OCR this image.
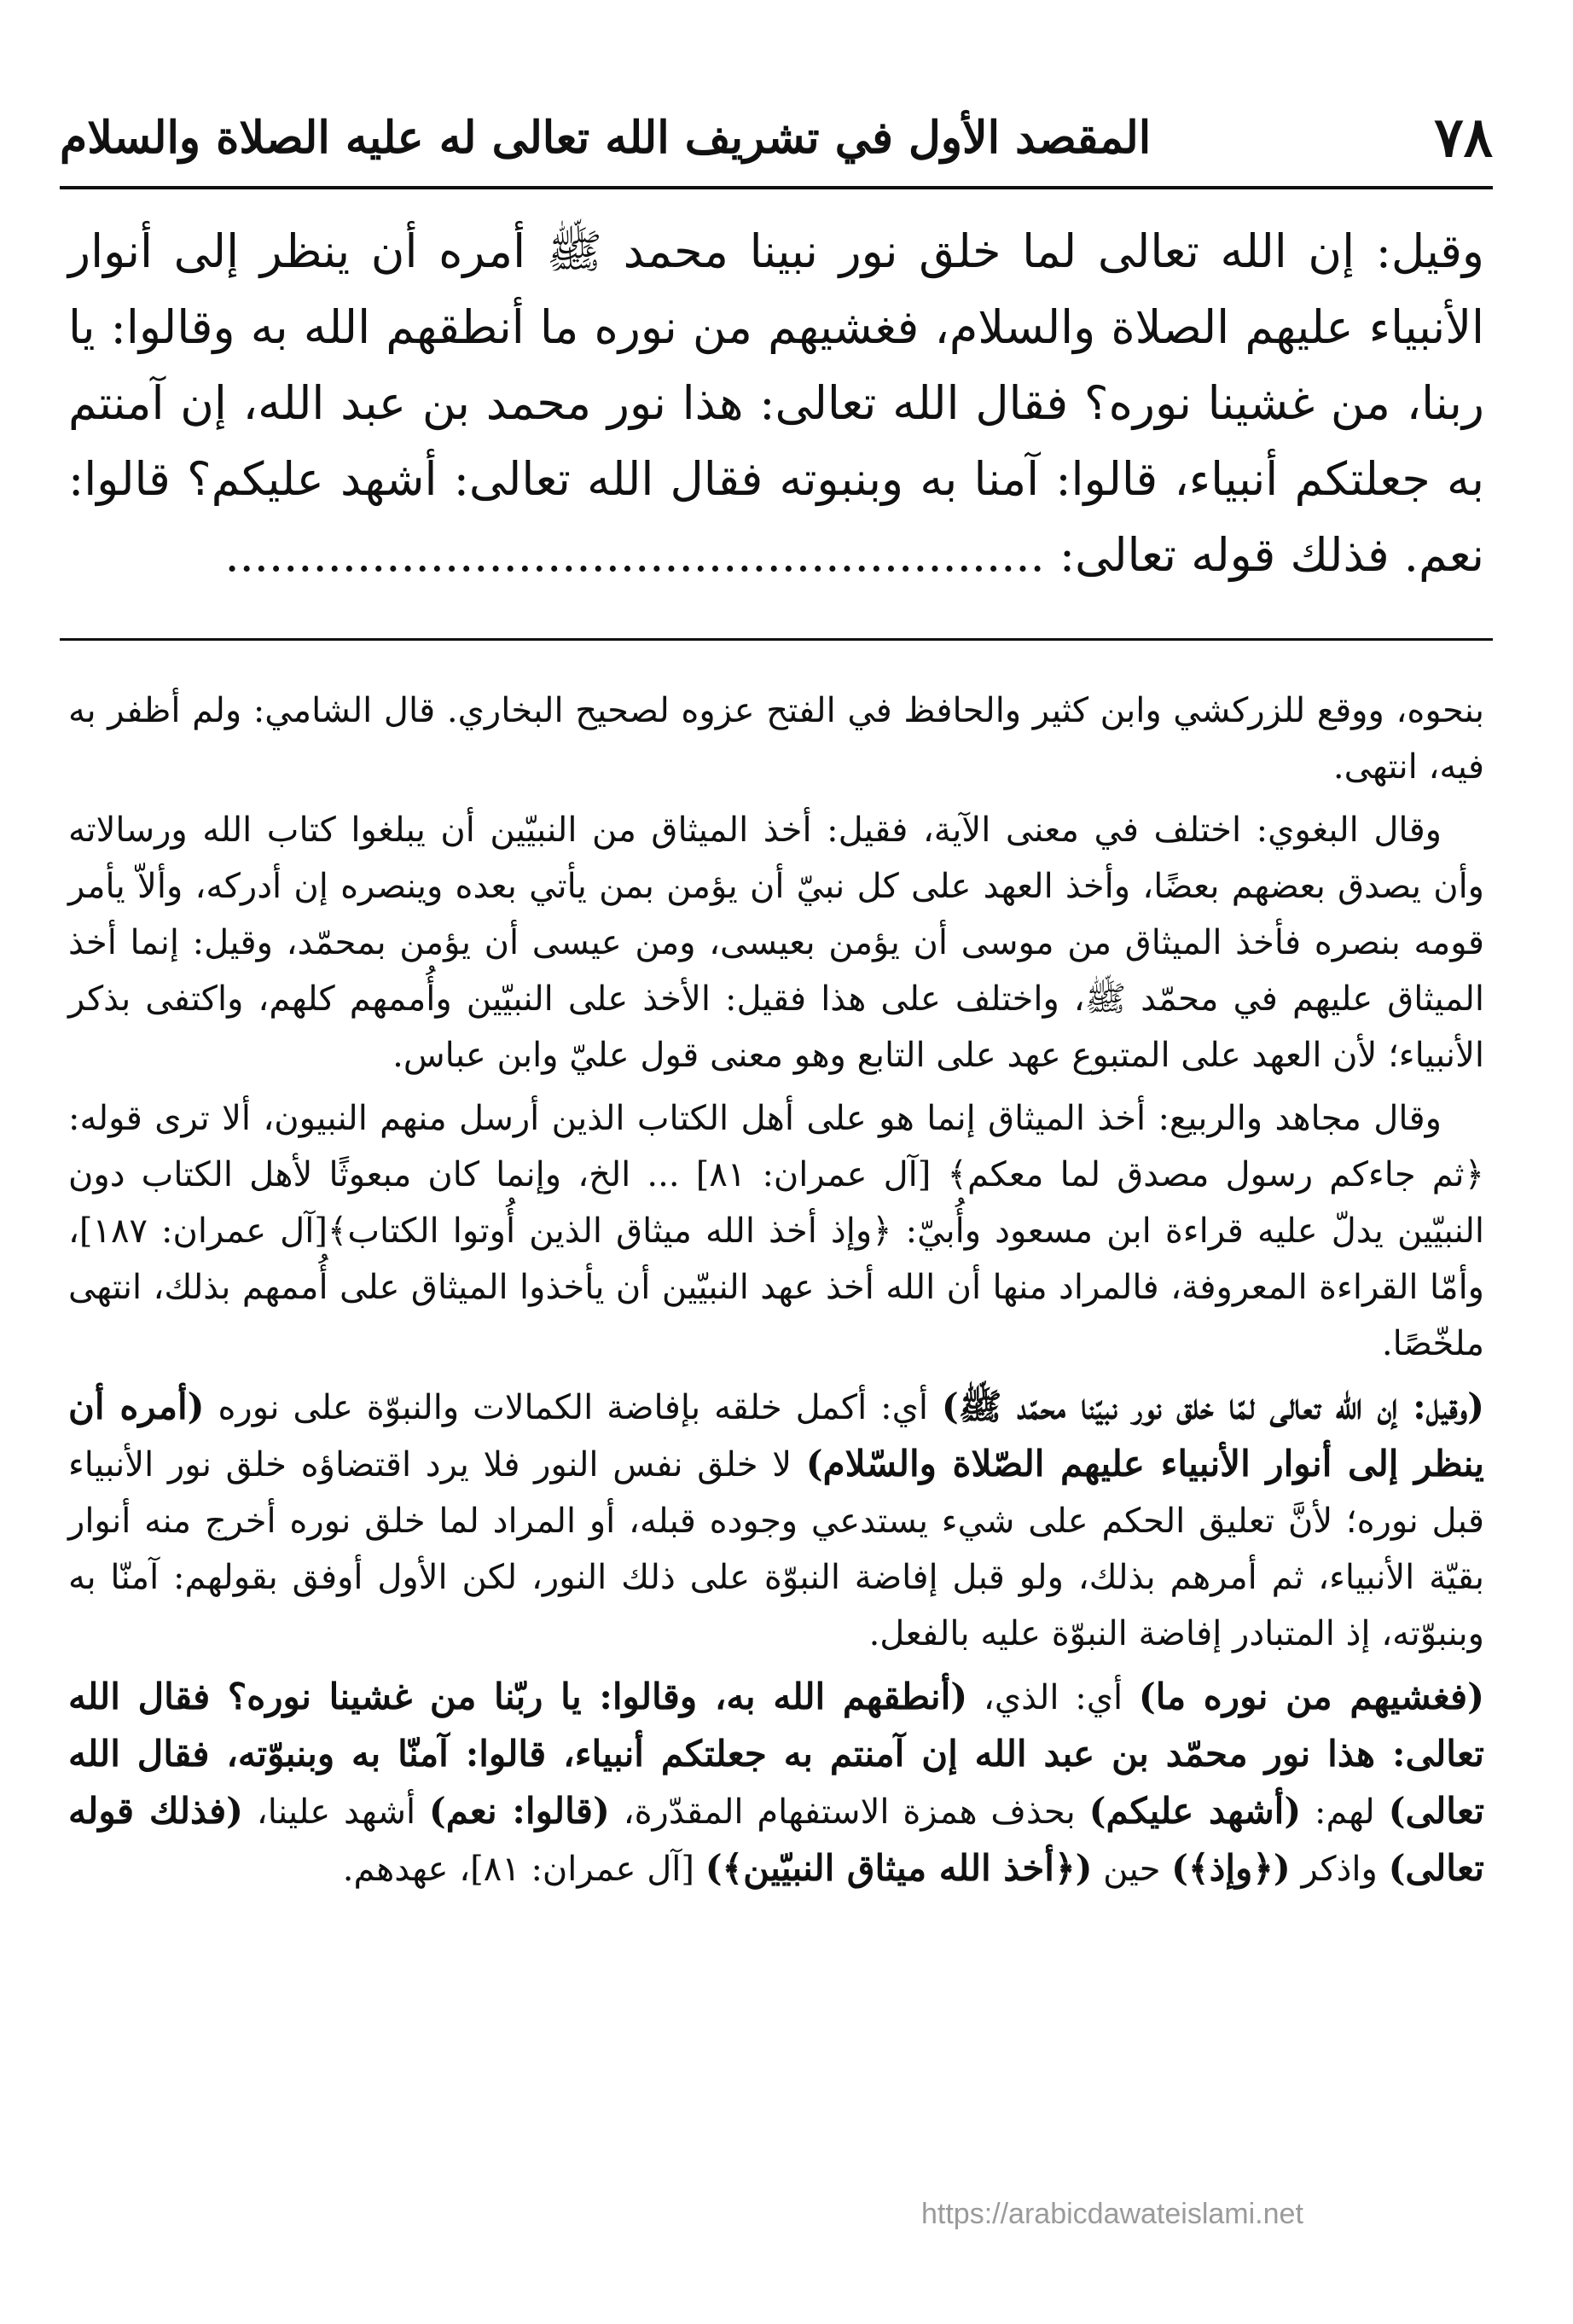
٧٨
المقصد الأول في تشريف الله تعالى له عليه الصلاة والسلام

وقيل: إن الله تعالى لما خلق نور نبينا محمد ﷺ أمره أن ينظر إلى أنوار الأنبياء عليهم الصلاة والسلام، فغشيهم من نوره ما أنطقهم الله به وقالوا: يا ربنا، من غشينا نوره؟ فقال الله تعالى: هذا نور محمد بن عبد الله، إن آمنتم به جعلتكم أنبياء، قالوا: آمنا به وبنبوته فقال الله تعالى: أشهد عليكم؟ قالوا: نعم. فذلك قوله تعالى: ........................................................

بنحوه، ووقع للزركشي وابن كثير والحافظ في الفتح عزوه لصحيح البخاري. قال الشامي: ولم أظفر به فيه، انتهى.

وقال البغوي: اختلف في معنى الآية، فقيل: أخذ الميثاق من النبيّين أن يبلغوا كتاب الله ورسالاته وأن يصدق بعضهم بعضًا، وأخذ العهد على كل نبيّ أن يؤمن بمن يأتي بعده وينصره إن أدركه، وألاّ يأمر قومه بنصره فأخذ الميثاق من موسى أن يؤمن بعيسى، ومن عيسى أن يؤمن بمحمّد، وقيل: إنما أخذ الميثاق عليهم في محمّد ﷺ، واختلف على هذا فقيل: الأخذ على النبيّين وأُممهم كلهم، واكتفى بذكر الأنبياء؛ لأن العهد على المتبوع عهد على التابع وهو معنى قول عليّ وابن عباس.

وقال مجاهد والربيع: أخذ الميثاق إنما هو على أهل الكتاب الذين أرسل منهم النبيون، ألا ترى قوله: ﴿ثم جاءكم رسول مصدق لما معكم﴾ [آل عمران: ٨١] ... الخ، وإنما كان مبعوثًا لأهل الكتاب دون النبيّين يدلّ عليه قراءة ابن مسعود وأُبيّ: ﴿وإذ أخذ الله ميثاق الذين أُوتوا الكتاب﴾[آل عمران: ١٨٧]، وأمّا القراءة المعروفة، فالمراد منها أن الله أخذ عهد النبيّين أن يأخذوا الميثاق على أُممهم بذلك، انتهى ملخّصًا.

(وقيل: إن الله تعالى لمّا خلق نور نبيّنا محمّد ﷺ) أي: أكمل خلقه بإفاضة الكمالات والنبوّة على نوره (أمره أن ينظر إلى أنوار الأنبياء عليهم الصّلاة والسّلام) لا خلق نفس النور فلا يرد اقتضاؤه خلق نور الأنبياء قبل نوره؛ لأنَّ تعليق الحكم على شيء يستدعي وجوده قبله، أو المراد لما خلق نوره أخرج منه أنوار بقيّة الأنبياء، ثم أمرهم بذلك، ولو قبل إفاضة النبوّة على ذلك النور، لكن الأول أوفق بقولهم: آمنّا به وبنبوّته، إذ المتبادر إفاضة النبوّة عليه بالفعل.

(فغشيهم من نوره ما) أي: الذي، (أنطقهم الله به، وقالوا: يا ربّنا من غشينا نوره؟ فقال الله تعالى: هذا نور محمّد بن عبد الله إن آمنتم به جعلتكم أنبياء، قالوا: آمنّا به وبنبوّته، فقال الله تعالى) لهم: (أشهد عليكم) بحذف همزة الاستفهام المقدّرة، (قالوا: نعم) أشهد علينا، (فذلك قوله تعالى) واذكر (﴿وإذ﴾) حين (﴿أخذ الله ميثاق النبيّين﴾) [آل عمران: ٨١]، عهدهم.

https://arabicdawateislami.net
